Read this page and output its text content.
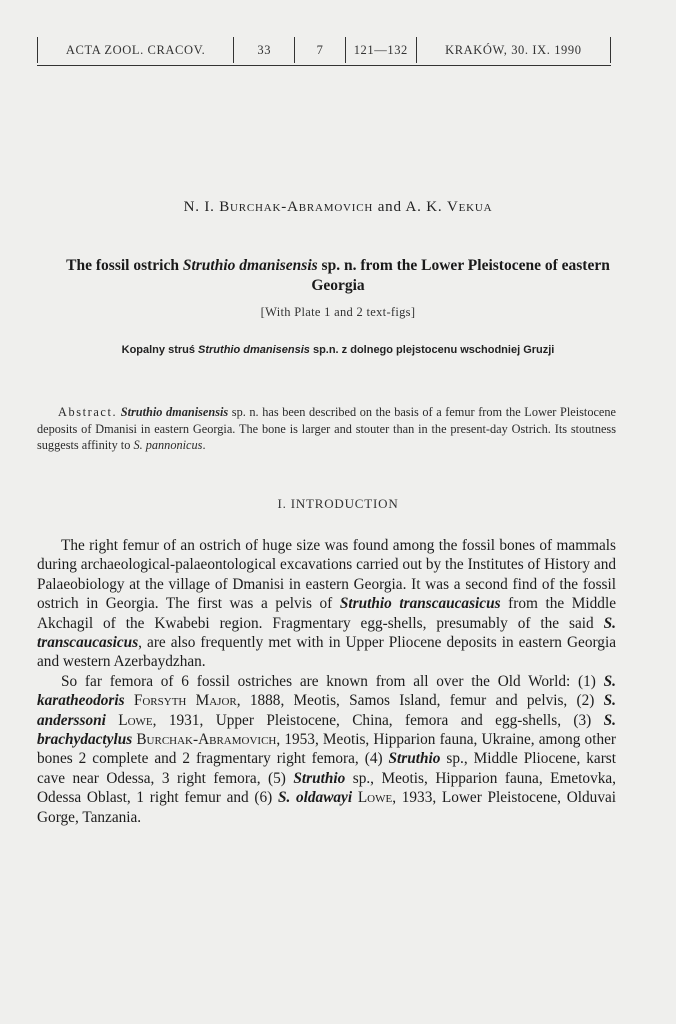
ACTA ZOOL. CRACOV.	33	7	121—132	KRAKÓW, 30. IX. 1990
N. I. Burchak-Abramovich and A. K. Vekua
The fossil ostrich Struthio dmanisensis sp. n. from the Lower Pleistocene of eastern Georgia
[With Plate 1 and 2 text-figs]
Kopalny struś Struthio dmanisensis sp.n. z dolnego plejstocenu wschodniej Gruzji
Abstract. Struthio dmanisensis sp. n. has been described on the basis of a femur from the Lower Pleistocene deposits of Dmanisi in eastern Georgia. The bone is larger and stouter than in the present-day Ostrich. Its stoutness suggests affinity to S. pannonicus.
I. INTRODUCTION

The right femur of an ostrich of huge size was found among the fossil bones of mammals during archaeological-palaeontological excavations carried out by the Institutes of History and Palaeobiology at the village of Dmanisi in eastern Georgia. It was a second find of the fossil ostrich in Georgia. The first was a pelvis of Struthio transcaucasicus from the Middle Akchagil of the Kwabebi region. Fragmentary egg-shells, presumably of the said S. transcaucasicus, are also frequently met with in Upper Pliocene deposits in eastern Georgia and western Azerbaydzhan.

So far femora of 6 fossil ostriches are known from all over the Old World: (1) S. karatheodoris Forsyth Major, 1888, Meotis, Samos Island, femur and pelvis, (2) S. anderssoni Lowe, 1931, Upper Pleistocene, China, femora and egg-shells, (3) S. brachydactylus Burchak-Abramovich, 1953, Meotis, Hipparion fauna, Ukraine, among other bones 2 complete and 2 fragmentary right femora, (4) Struthio sp., Middle Pliocene, karst cave near Odessa, 3 right femora, (5) Struthio sp., Meotis, Hipparion fauna, Emetovka, Odessa Oblast, 1 right femur and (6) S. oldawayi Lowe, 1933, Lower Pleistocene, Olduvai Gorge, Tanzania.
